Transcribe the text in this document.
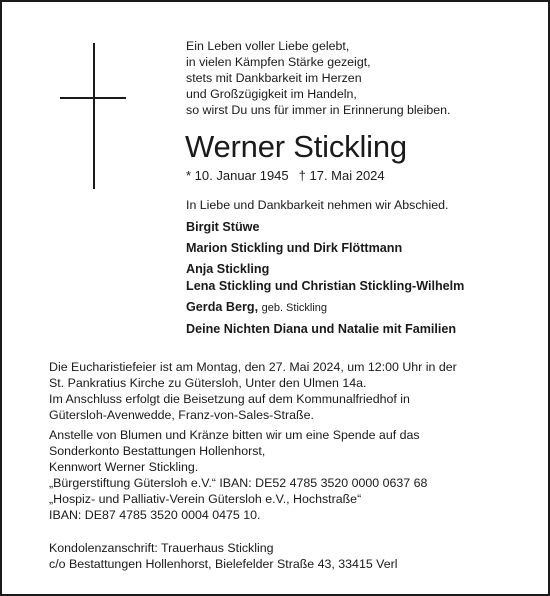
Ein Leben voller Liebe gelebt,
in vielen Kämpfen Stärke gezeigt,
stets mit Dankbarkeit im Herzen
und Großzügigkeit im Handeln,
so wirst Du uns für immer in Erinnerung bleiben.
Werner Stickling
* 10. Januar 1945 † 17. Mai 2024
In Liebe und Dankbarkeit nehmen wir Abschied.
Birgit Stüwe
Marion Stickling und Dirk Flöttmann
Anja Stickling
Lena Stickling und Christian Stickling-Wilhelm
Gerda Berg, geb. Stickling
Deine Nichten Diana und Natalie mit Familien
Die Eucharistiefeier ist am Montag, den 27. Mai 2024, um 12:00 Uhr in der
St. Pankratius Kirche zu Gütersloh, Unter den Ulmen 14a.
Im Anschluss erfolgt die Beisetzung auf dem Kommunalfriedhof in
Gütersloh-Avenwedde, Franz-von-Sales-Straße.
Anstelle von Blumen und Kränze bitten wir um eine Spende auf das
Sonderkonto Bestattungen Hollenhorst,
Kennwort Werner Stickling.
„Bürgerstiftung Gütersloh e.V.“ IBAN: DE52 4785 3520 0000 0637 68
„Hospiz- und Palliativ-Verein Gütersloh e.V., Hochstraße“
IBAN: DE87 4785 3520 0004 0475 10.
Kondolenzanschrift: Trauerhaus Stickling
c/o Bestattungen Hollenhorst, Bielefelder Straße 43, 33415 Verl
